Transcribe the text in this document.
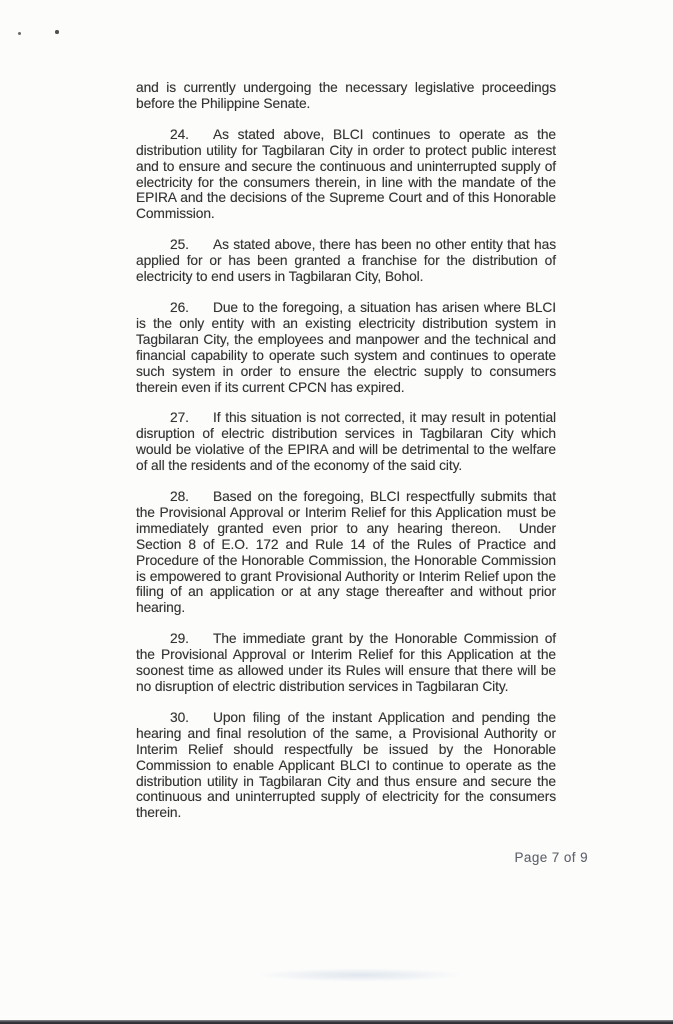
and is currently undergoing the necessary legislative proceedings before the Philippine Senate.

24. As stated above, BLCI continues to operate as the distribution utility for Tagbilaran City in order to protect public interest and to ensure and secure the continuous and uninterrupted supply of electricity for the consumers therein, in line with the mandate of the EPIRA and the decisions of the Supreme Court and of this Honorable Commission.

25. As stated above, there has been no other entity that has applied for or has been granted a franchise for the distribution of electricity to end users in Tagbilaran City, Bohol.

26. Due to the foregoing, a situation has arisen where BLCI is the only entity with an existing electricity distribution system in Tagbilaran City, the employees and manpower and the technical and financial capability to operate such system and continues to operate such system in order to ensure the electric supply to consumers therein even if its current CPCN has expired.

27. If this situation is not corrected, it may result in potential disruption of electric distribution services in Tagbilaran City which would be violative of the EPIRA and will be detrimental to the welfare of all the residents and of the economy of the said city.

28. Based on the foregoing, BLCI respectfully submits that the Provisional Approval or Interim Relief for this Application must be immediately granted even prior to any hearing thereon.  Under Section 8 of E.O. 172 and Rule 14 of the Rules of Practice and Procedure of the Honorable Commission, the Honorable Commission is empowered to grant Provisional Authority or Interim Relief upon the filing of an application or at any stage thereafter and without prior hearing.

29. The immediate grant by the Honorable Commission of the Provisional Approval or Interim Relief for this Application at the soonest time as allowed under its Rules will ensure that there will be no disruption of electric distribution services in Tagbilaran City.

30. Upon filing of the instant Application and pending the hearing and final resolution of the same, a Provisional Authority or Interim Relief should respectfully be issued by the Honorable Commission to enable Applicant BLCI to continue to operate as the distribution utility in Tagbilaran City and thus ensure and secure the continuous and uninterrupted supply of electricity for the consumers therein.

Page 7 of 9
